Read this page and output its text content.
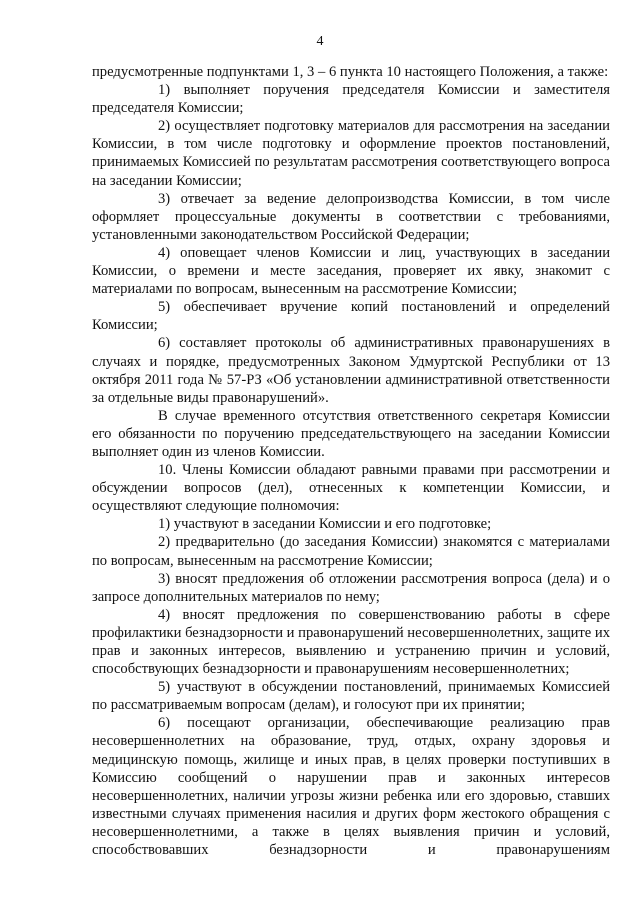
4

предусмотренные подпунктами 1, 3 – 6 пункта 10 настоящего Положения, а также:

1) выполняет поручения председателя Комиссии и заместителя председателя Комиссии;

2) осуществляет подготовку материалов для рассмотрения на заседании Комиссии, в том числе подготовку и оформление проектов постановлений, принимаемых Комиссией по результатам рассмотрения соответствующего вопроса на заседании Комиссии;

3) отвечает за ведение делопроизводства Комиссии, в том числе оформляет процессуальные документы в соответствии с требованиями, установленными законодательством Российской Федерации;

4) оповещает членов Комиссии и лиц, участвующих в заседании Комиссии, о времени и месте заседания, проверяет их явку, знакомит с материалами по вопросам, вынесенным на рассмотрение Комиссии;

5) обеспечивает вручение копий постановлений и определений Комиссии;

6) составляет протоколы об административных правонарушениях в случаях и порядке, предусмотренных Законом Удмуртской Республики от 13 октября 2011 года № 57-РЗ «Об установлении административной ответственности за отдельные виды правонарушений».

В случае временного отсутствия ответственного секретаря Комиссии его обязанности по поручению председательствующего на заседании Комиссии выполняет один из членов Комиссии.

10. Члены Комиссии обладают равными правами при рассмотрении и обсуждении вопросов (дел), отнесенных к компетенции Комиссии, и осуществляют следующие полномочия:

1) участвуют в заседании Комиссии и его подготовке;

2) предварительно (до заседания Комиссии) знакомятся с материалами по вопросам, вынесенным на рассмотрение Комиссии;

3) вносят предложения об отложении рассмотрения вопроса (дела) и о запросе дополнительных материалов по нему;

4) вносят предложения по совершенствованию работы в сфере профилактики безнадзорности и правонарушений несовершеннолетних, защите их прав и законных интересов, выявлению и устранению причин и условий, способствующих безнадзорности и правонарушениям несовершеннолетних;

5) участвуют в обсуждении постановлений, принимаемых Комиссией по рассматриваемым вопросам (делам), и голосуют при их принятии;

6) посещают организации, обеспечивающие реализацию прав несовершеннолетних на образование, труд, отдых, охрану здоровья и медицинскую помощь, жилище и иных прав, в целях проверки поступивших в Комиссию сообщений о нарушении прав и законных интересов несовершеннолетних, наличии угрозы жизни ребенка или его здоровью, ставших известными случаях применения насилия и других форм жестокого обращения с несовершеннолетними, а также в целях выявления причин и условий, способствовавших безнадзорности и правонарушениям
